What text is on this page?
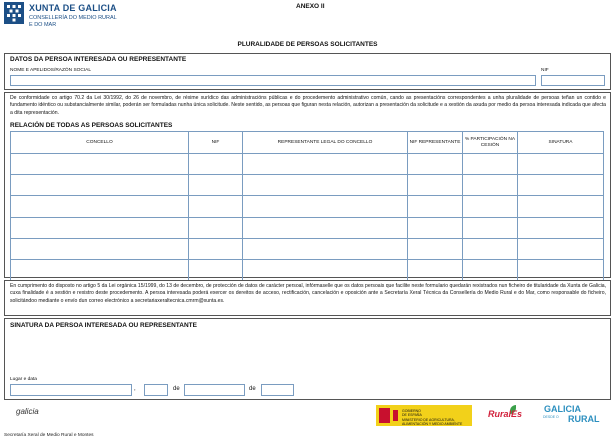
XUNTA DE GALICIA
CONSELLERÍA DO MEDIO RURAL
E DO MAR
ANEXO II
PLURALIDADE DE PERSOAS SOLICITANTES
DATOS DA PERSOA INTERESADA OU REPRESENTANTE
NOME E APELIDOS/RAZÓN SOCIAL	NIF
De conformidade co artigo 70.2 da Lei 30/1992, do 26 de novembro, de réxime xurídico das administracións públicas e do procedemento administrativo común, cando as presentacións correspondentes a unha pluralidade de persoas teñan un contido e fundamento idéntico ou substancialmente similar, poderán ser formuladas nunha única solicitude. Neste sentido, as persoas que figuran nesta relación, autorizan a presentación da solicitude e a xestión da axuda por medio da persoa interesada indicada que afecta a dita representación.
RELACIÓN DE TODAS AS PERSOAS SOLICITANTES
CONCELLO	NIF	REPRESENTANTE LEGAL DO CONCELLO	NIF REPRESENTANTE	% PARTICIPACIÓN NA CESIÓN	SINATURA

En cumprimento do disposto no artigo 5 da Lei orgánica 15/1999, do 13 de decembro, de protección de datos de carácter persoal, infórmaselle que os datos persoais que facilite neste formulario quedarán rexistrados nun ficheiro de titularidade da Xunta de Galicia, cuxa finalidade é a xestión e rexistro deste procedemento. A persoa interesada poderá exercer os dereitos de acceso, rectificación, cancelación e oposición ante a Secretaría Xeral Técnica da Consellería do Medio Rural e do Mar, como responsable do ficheiro, solicitándoo mediante o envío dun correo electrónico a secretariaxeraltecnica.cmrm@xunta.es.
SINATURA DA PERSOA INTERESADA OU REPRESENTANTE
Lugar e data
,	de	de
galicia
Secretaría Xeral de Medio Rural e Montes
GOBIERNO
DE ESPAÑA
MINISTERIO DE AGRICULTURA,
ALIMENTACIÓN Y MEDIO AMBIENTE
RuralEs GALICIA
DESDE O RURAL
